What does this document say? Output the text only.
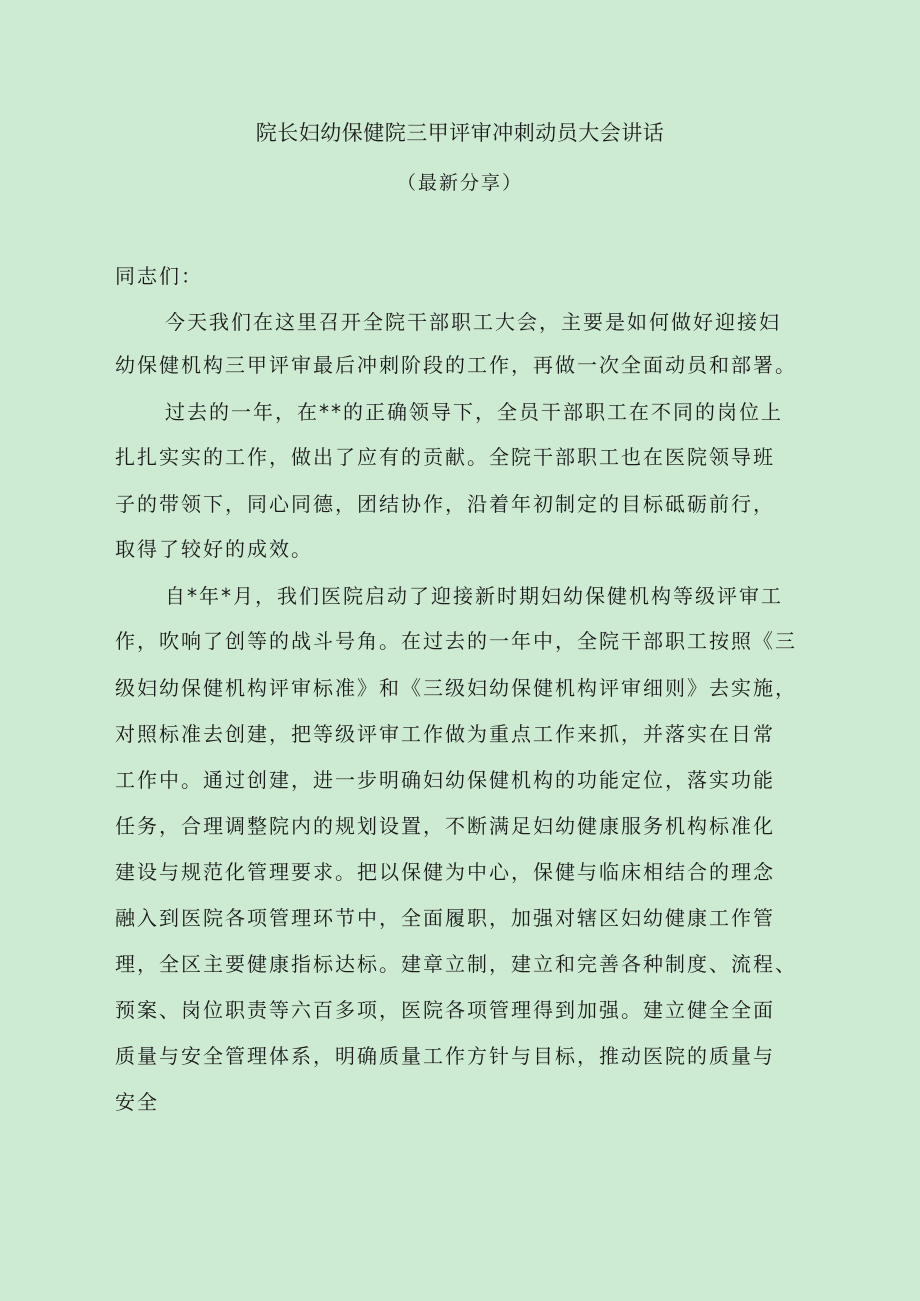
院长妇幼保健院三甲评审冲刺动员大会讲话
（最新分享）
同志们：
今天我们在这里召开全院干部职工大会，主要是如何做好迎接妇
幼保健机构三甲评审最后冲刺阶段的工作，再做一次全面动员和部署。
过去的一年，在**的正确领导下，全员干部职工在不同的岗位上
扎扎实实的工作，做出了应有的贡献。全院干部职工也在医院领导班
子的带领下，同心同德，团结协作，沿着年初制定的目标砥砺前行，
取得了较好的成效。
自*年*月，我们医院启动了迎接新时期妇幼保健机构等级评审工
作，吹响了创等的战斗号角。在过去的一年中，全院干部职工按照《三
级妇幼保健机构评审标准》和《三级妇幼保健机构评审细则》去实施，
对照标准去创建，把等级评审工作做为重点工作来抓，并落实在日常
工作中。通过创建，进一步明确妇幼保健机构的功能定位，落实功能
任务，合理调整院内的规划设置，不断满足妇幼健康服务机构标准化
建设与规范化管理要求。把以保健为中心，保健与临床相结合的理念
融入到医院各项管理环节中，全面履职，加强对辖区妇幼健康工作管
理，全区主要健康指标达标。建章立制，建立和完善各种制度、流程、
预案、岗位职责等六百多项，医院各项管理得到加强。建立健全全面
质量与安全管理体系，明确质量工作方针与目标，推动医院的质量与
安全
